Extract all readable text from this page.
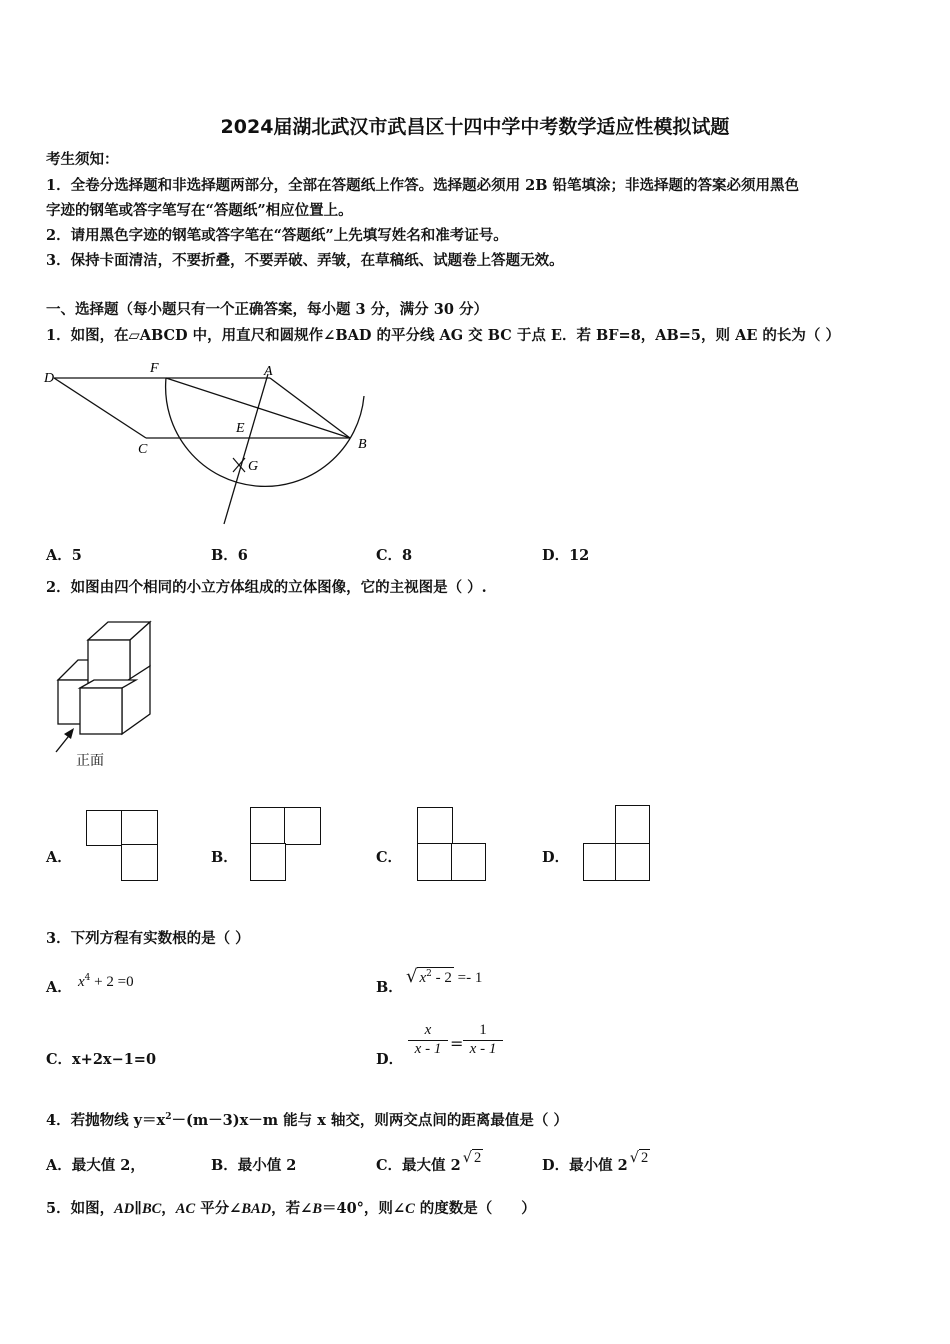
2024届湖北武汉市武昌区十四中学中考数学适应性模拟试题
考生须知：
1．全卷分选择题和非选择题两部分，全部在答题纸上作答。选择题必须用 2B 铅笔填涂；非选择题的答案必须用黑色
字迹的钢笔或答字笔写在“答题纸”相应位置上。
2．请用黑色字迹的钢笔或答字笔在“答题纸”上先填写姓名和准考证号。
3．保持卡面清洁，不要折叠，不要弄破、弄皱，在草稿纸、试题卷上答题无效。
一、选择题（每小题只有一个正确答案，每小题 3 分，满分 30 分）
1．如图，在▱ABCD 中，用直尺和圆规作∠BAD 的平分线 AG 交 BC 于点 E．若 BF=8，AB=5，则 AE 的长为（ ）
D
F	A
E
C	B
G
A．5	B．6	C．8	D．12
2．如图由四个相同的小立方体组成的立体图像，它的主视图是（ ）.
正面
A．	B．	C．	D．
3．下列方程有实数根的是（ ）
A． $x^4 + 2 =0$	B．
√ $x^2 - 2 =- 1$
C．x+2x−1=0	D．
x
x - 1 =
1
x - 1
4．若抛物线 $y=x^2-(m-3)x-m$ 能与 x 轴交，则两交点间的距离最值是（ ）
A．最大值 2，	B．最小值 2	C．最大值 2 √ 2	D．最小值 2 √ 2
5．如图，AD∥BC，AC 平分∠BAD，若∠B＝40°，则∠C 的度数是（　　）
